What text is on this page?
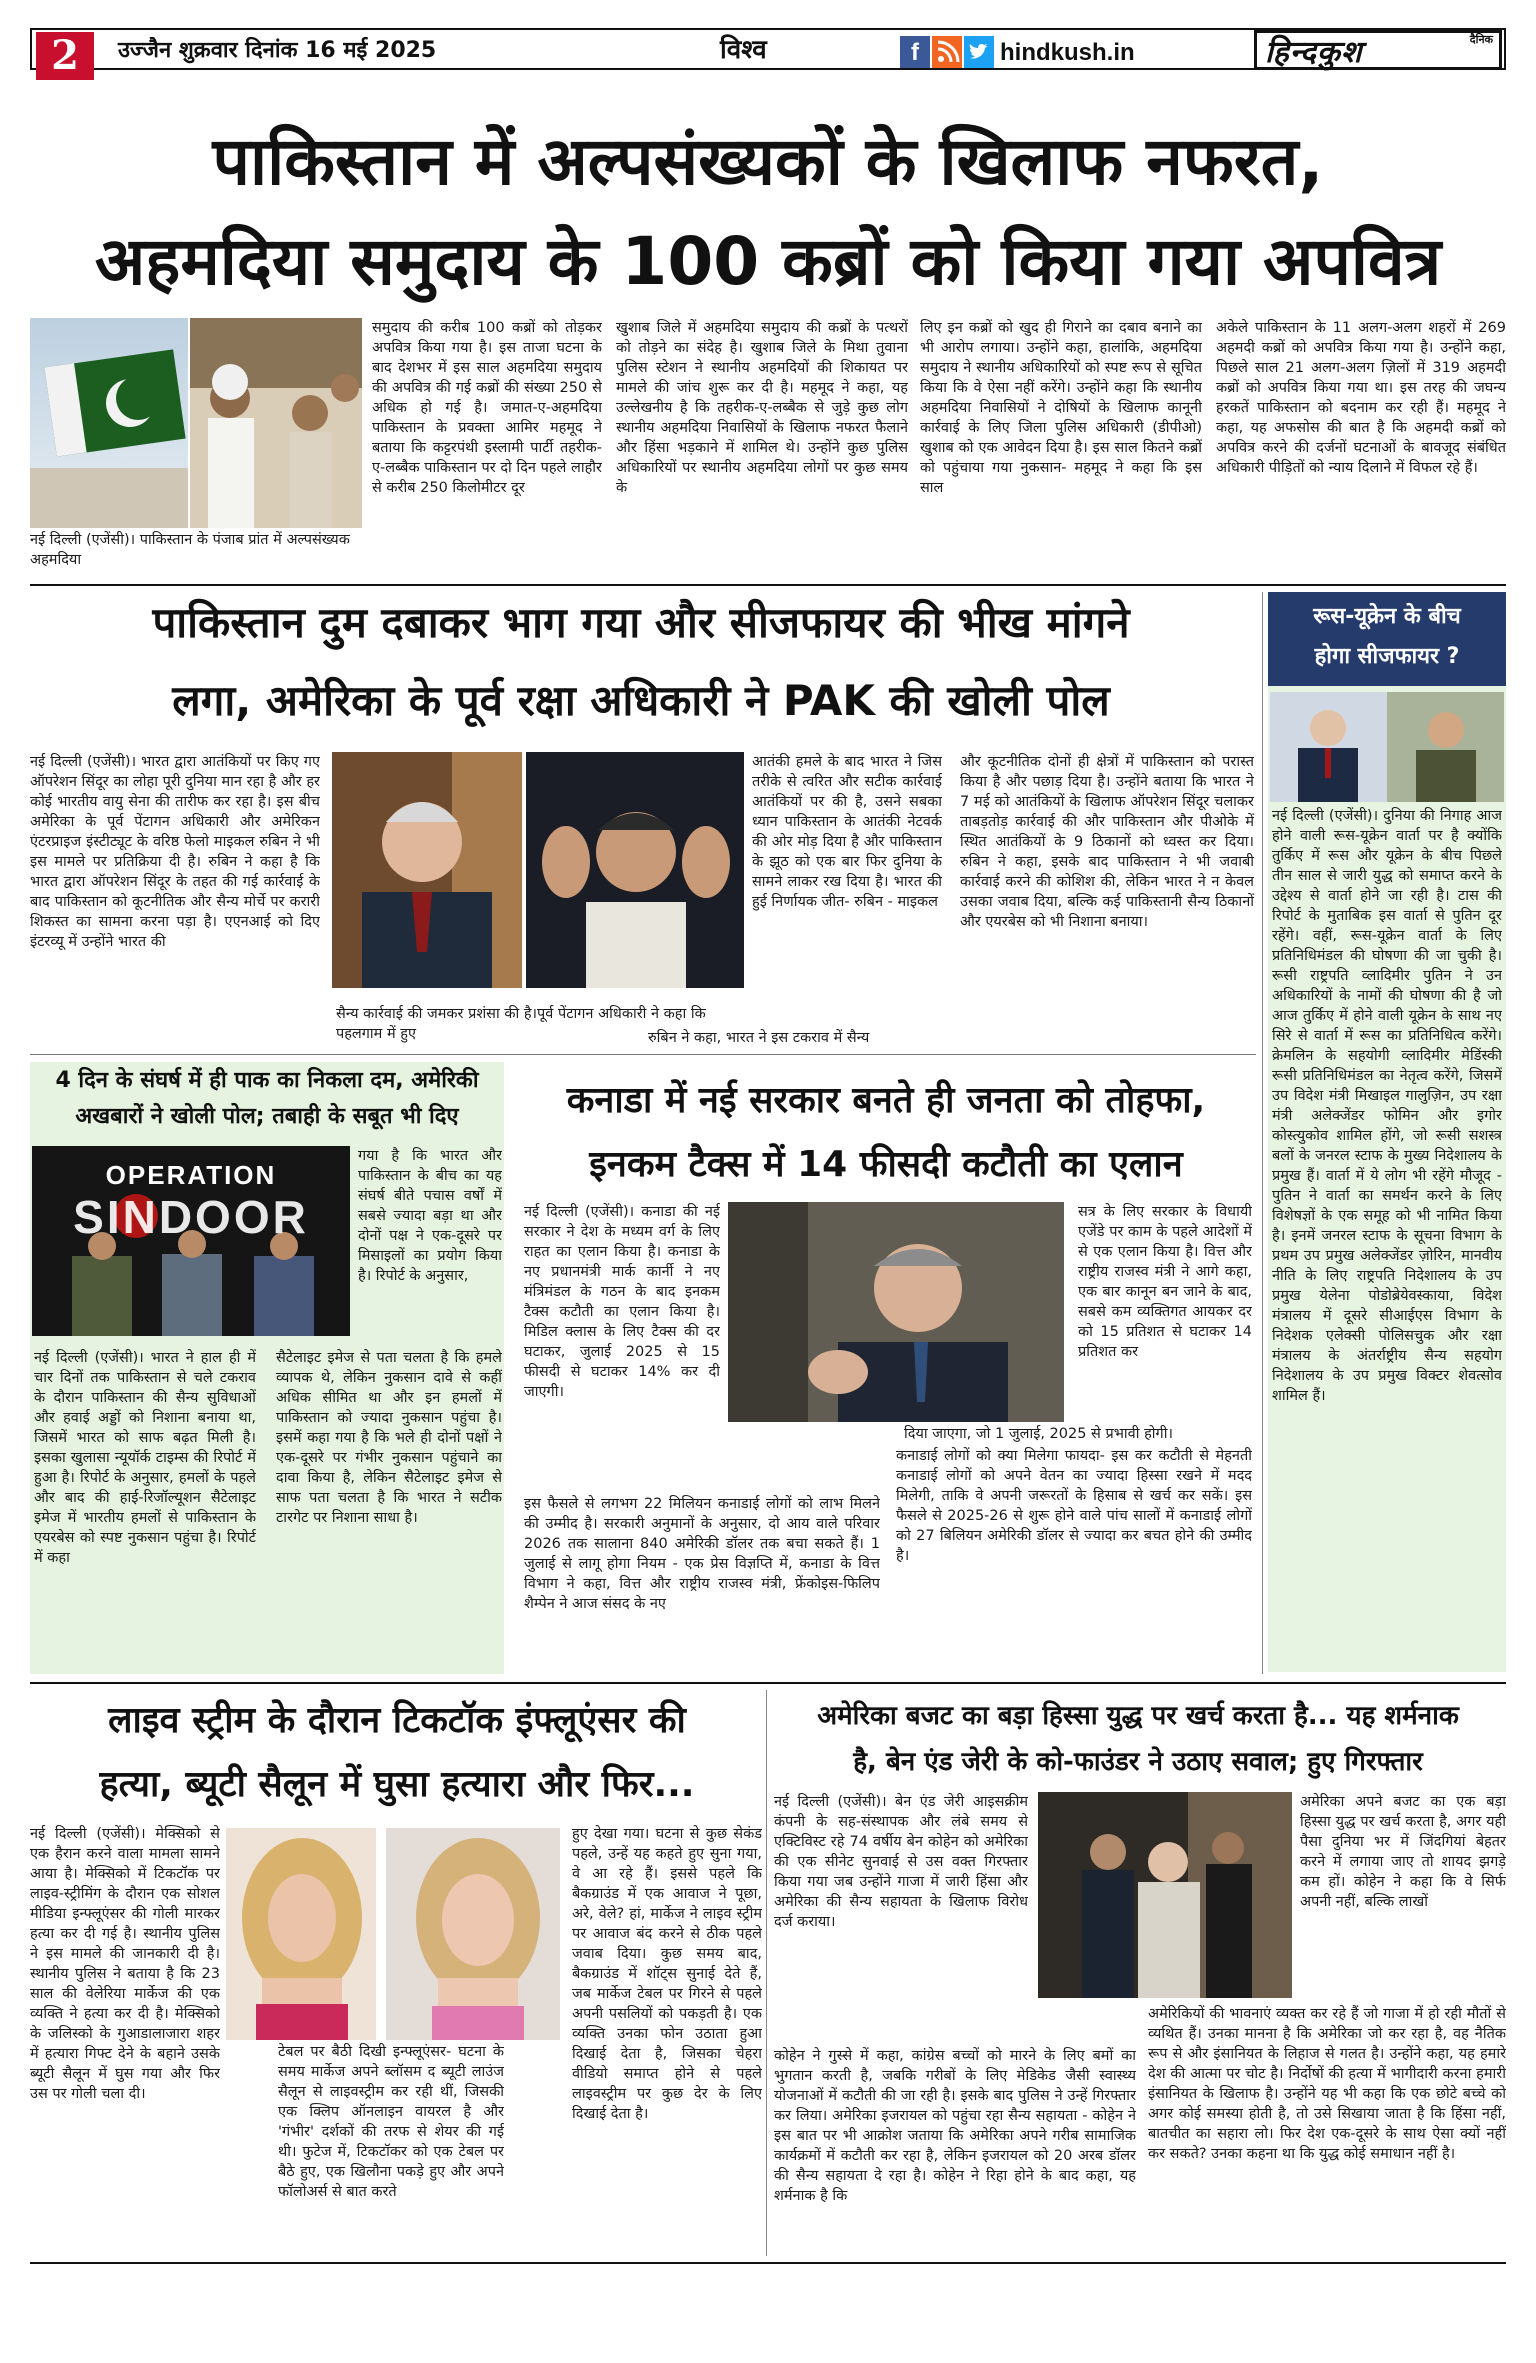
2	उज्जैन शुक्रवार दिनांक 16 मई 2025	विश्व	f	hindkush.in	दैनिक
हिन्दकुश
पाकिस्तान में अल्पसंख्यकों के खिलाफ नफरत,
अहमदिया समुदाय के 100 कब्रों को किया गया अपवित्र
नई दिल्ली (एजेंसी)। पाकिस्तान के पंजाब प्रांत में अल्पसंख्यक अहमदिया
समुदाय की करीब 100 कब्रों को तोड़कर अपवित्र किया गया है। इस ताजा घटना के बाद देशभर में इस साल अहमदिया समुदाय की अपवित्र की गई कब्रों की संख्या 250 से अधिक हो गई है। जमात-ए-अहमदिया पाकिस्तान के प्रवक्ता आमिर महमूद ने बताया कि कट्टरपंथी इस्लामी पार्टी तहरीक-ए-लब्बैक पाकिस्तान पर दो दिन पहले लाहौर से करीब 250 किलोमीटर दूर
खुशाब जिले में अहमदिया समुदाय की कब्रों के पत्थरों को तोड़ने का संदेह है। खुशाब जिले के मिथा तुवाना पुलिस स्टेशन ने स्थानीय अहमदियों की शिकायत पर मामले की जांच शुरू कर दी है। महमूद ने कहा, यह उल्लेखनीय है कि तहरीक-ए-लब्बैक से जुड़े कुछ लोग स्थानीय अहमदिया निवासियों के खिलाफ नफरत फैलाने और हिंसा भड़काने में शामिल थे। उन्होंने कुछ पुलिस अधिकारियों पर स्थानीय अहमदिया लोगों पर कुछ समय के
लिए इन कब्रों को खुद ही गिराने का दबाव बनाने का भी आरोप लगाया। उन्होंने कहा, हालांकि, अहमदिया समुदाय ने स्थानीय अधिकारियों को स्पष्ट रूप से सूचित किया कि वे ऐसा नहीं करेंगे। उन्होंने कहा कि स्थानीय अहमदिया निवासियों ने दोषियों के खिलाफ कानूनी कार्रवाई के लिए जिला पुलिस अधिकारी (डीपीओ) खुशाब को एक आवेदन दिया है। इस साल कितने कब्रों को पहुंचाया गया नुकसान- महमूद ने कहा कि इस साल
अकेले पाकिस्तान के 11 अलग-अलग शहरों में 269 अहमदी कब्रों को अपवित्र किया गया है। उन्होंने कहा, पिछले साल 21 अलग-अलग ज़िलों में 319 अहमदी कब्रों को अपवित्र किया गया था। इस तरह की जघन्य हरकतें पाकिस्तान को बदनाम कर रही हैं। महमूद ने कहा, यह अफसोस की बात है कि अहमदी कब्रों को अपवित्र करने की दर्जनों घटनाओं के बावजूद संबंधित अधिकारी पीड़ितों को न्याय दिलाने में विफल रहे हैं।
रूस-यूक्रेन के बीच
होगा सीजफायर ?
नई दिल्ली (एजेंसी)। दुनिया की निगाह आज होने वाली रूस-यूक्रेन वार्ता पर है क्योंकि तुर्किए में रूस और यूक्रेन के बीच पिछले तीन साल से जारी युद्ध को समाप्त करने के उद्देश्य से वार्ता होने जा रही है। टास की रिपोर्ट के मुताबिक इस वार्ता से पुतिन दूर रहेंगे। वहीं, रूस-यूक्रेन वार्ता के लिए प्रतिनिधिमंडल की घोषणा की जा चुकी है। रूसी राष्ट्रपति व्लादिमीर पुतिन ने उन अधिकारियों के नामों की घोषणा की है जो आज तुर्किए में होने वाली यूक्रेन के साथ नए सिरे से वार्ता में रूस का प्रतिनिधित्व करेंगे। क्रेमलिन के सहयोगी व्लादिमीर मेडिंस्की रूसी प्रतिनिधिमंडल का नेतृत्व करेंगे, जिसमें उप विदेश मंत्री मिखाइल गालुज़िन, उप रक्षा मंत्री अलेक्जेंडर फोमिन और इगोर कोस्त्युकोव शामिल होंगे, जो रूसी सशस्त्र बलों के जनरल स्टाफ के मुख्य निदेशालय के प्रमुख हैं। वार्ता में ये लोग भी रहेंगे मौजूद - पुतिन ने वार्ता का समर्थन करने के लिए विशेषज्ञों के एक समूह को भी नामित किया है। इनमें जनरल स्टाफ के सूचना विभाग के प्रथम उप प्रमुख अलेक्जेंडर ज़ोरिन, मानवीय नीति के लिए राष्ट्रपति निदेशालय के उप प्रमुख येलेना पोडोब्रेयेवस्काया, विदेश मंत्रालय में दूसरे सीआईएस विभाग के निदेशक एलेक्सी पोलिसचुक और रक्षा मंत्रालय के अंतर्राष्ट्रीय सैन्य सहयोग निदेशालय के उप प्रमुख विक्टर शेवत्सोव शामिल हैं।
पाकिस्तान दुम दबाकर भाग गया और सीजफायर की भीख मांगने
लगा, अमेरिका के पूर्व रक्षा अधिकारी ने PAK की खोली पोल
नई दिल्ली (एजेंसी)। भारत द्वारा आतंकियों पर किए गए ऑपरेशन सिंदूर का लोहा पूरी दुनिया मान रहा है और हर कोई भारतीय वायु सेना की तारीफ कर रहा है। इस बीच अमेरिका के पूर्व पेंटागन अधिकारी और अमेरिकन एंटरप्राइज इंस्टीट्यूट के वरिष्ठ फेलो माइकल रुबिन ने भी इस मामले पर प्रतिक्रिया दी है। रुबिन ने कहा है कि भारत द्वारा ऑपरेशन सिंदूर के तहत की गई कार्रवाई के बाद पाकिस्तान को कूटनीतिक और सैन्य मोर्चे पर करारी शिकस्त का सामना करना पड़ा है। एएनआई को दिए इंटरव्यू में उन्होंने भारत की
सैन्य कार्रवाई की जमकर प्रशंसा की है।पूर्व पेंटागन अधिकारी ने कहा कि पहलगाम में हुए
आतंकी हमले के बाद भारत ने जिस तरीके से त्वरित और सटीक कार्रवाई आतंकियों पर की है, उसने सबका ध्यान पाकिस्तान के आतंकी नेटवर्क की ओर मोड़ दिया है और पाकिस्तान के झूठ को एक बार फिर दुनिया के सामने लाकर रख दिया है। भारत की हुई निर्णायक जीत- रुबिन - माइकल
रुबिन ने कहा, भारत ने इस टकराव में सैन्य
और कूटनीतिक दोनों ही क्षेत्रों में पाकिस्तान को परास्त किया है और पछाड़ दिया है। उन्होंने बताया कि भारत ने 7 मई को आतंकियों के खिलाफ ऑपरेशन सिंदूर चलाकर ताबड़तोड़ कार्रवाई की और पाकिस्तान और पीओके में स्थित आतंकियों के 9 ठिकानों को ध्वस्त कर दिया। रुबिन ने कहा, इसके बाद पाकिस्तान ने भी जवाबी कार्रवाई करने की कोशिश की, लेकिन भारत ने न केवल उसका जवाब दिया, बल्कि कई पाकिस्तानी सैन्य ठिकानों और एयरबेस को भी निशाना बनाया।
4 दिन के संघर्ष में ही पाक का निकला दम, अमेरिकी
अखबारों ने खोली पोल; तबाही के सबूत भी दिए
OPERATION
SINDOOR
गया है कि भारत और पाकिस्तान के बीच का यह संघर्ष बीते पचास वर्षों में सबसे ज्यादा बड़ा था और दोनों पक्ष ने एक-दूसरे पर मिसाइलों का प्रयोग किया है। रिपोर्ट के अनुसार,
नई दिल्ली (एजेंसी)। भारत ने हाल ही में चार दिनों तक पाकिस्तान से चले टकराव के दौरान पाकिस्तान की सैन्य सुविधाओं और हवाई अड्डों को निशाना बनाया था, जिसमें भारत को साफ बढ़त मिली है। इसका खुलासा न्यूयॉर्क टाइम्स की रिपोर्ट में हुआ है। रिपोर्ट के अनुसार, हमलों के पहले और बाद की हाई-रिजॉल्यूशन सैटेलाइट इमेज में भारतीय हमलों से पाकिस्तान के एयरबेस को स्पष्ट नुकसान पहुंचा है। रिपोर्ट में कहा
सैटेलाइट इमेज से पता चलता है कि हमले व्यापक थे, लेकिन नुकसान दावे से कहीं अधिक सीमित था और इन हमलों में पाकिस्तान को ज्यादा नुकसान पहुंचा है। इसमें कहा गया है कि भले ही दोनों पक्षों ने एक-दूसरे पर गंभीर नुकसान पहुंचाने का दावा किया है, लेकिन सैटेलाइट इमेज से साफ पता चलता है कि भारत ने सटीक टारगेट पर निशाना साधा है।
कनाडा में नई सरकार बनते ही जनता को तोहफा,
इनकम टैक्स में 14 फीसदी कटौती का एलान
नई दिल्ली (एजेंसी)। कनाडा की नई सरकार ने देश के मध्यम वर्ग के लिए राहत का एलान किया है। कनाडा के नए प्रधानमंत्री मार्क कार्नी ने नए मंत्रिमंडल के गठन के बाद इनकम टैक्स कटौती का एलान किया है। मिडिल क्लास के लिए टैक्स की दर घटाकर, जुलाई 2025 से 15 फीसदी से घटाकर 14% कर दी जाएगी।
सत्र के लिए सरकार के विधायी एजेंडे पर काम के पहले आदेशों में से एक एलान किया है। वित्त और राष्ट्रीय राजस्व मंत्री ने आगे कहा, एक बार कानून बन जाने के बाद, सबसे कम व्यक्तिगत आयकर दर को 15 प्रतिशत से घटाकर 14 प्रतिशत कर
दिया जाएगा, जो 1 जुलाई, 2025 से प्रभावी होगी।
इस फैसले से लगभग 22 मिलियन कनाडाई लोगों को लाभ मिलने की उम्मीद है। सरकारी अनुमानों के अनुसार, दो आय वाले परिवार 2026 तक सालाना 840 अमेरिकी डॉलर तक बचा सकते हैं। 1 जुलाई से लागू होगा नियम - एक प्रेस विज्ञप्ति में, कनाडा के वित्त विभाग ने कहा, वित्त और राष्ट्रीय राजस्व मंत्री, फ्रेंकोइस-फिलिप शैम्पेन ने आज संसद के नए
कनाडाई लोगों को क्या मिलेगा फायदा- इस कर कटौती से मेहनती कनाडाई लोगों को अपने वेतन का ज्यादा हिस्सा रखने में मदद मिलेगी, ताकि वे अपनी जरूरतों के हिसाब से खर्च कर सकें। इस फैसले से 2025-26 से शुरू होने वाले पांच सालों में कनाडाई लोगों को 27 बिलियन अमेरिकी डॉलर से ज्यादा कर बचत होने की उम्मीद है।
लाइव स्ट्रीम के दौरान टिकटॉक इंफ्लूएंसर की
हत्या, ब्यूटी सैलून में घुसा हत्यारा और फिर...
नई दिल्ली (एजेंसी)। मेक्सिको से एक हैरान करने वाला मामला सामने आया है। मेक्सिको में टिकटॉक पर लाइव-स्ट्रीमिंग के दौरान एक सोशल मीडिया इन्फ्लूएंसर की गोली मारकर हत्या कर दी गई है। स्थानीय पुलिस ने इस मामले की जानकारी दी है। स्थानीय पुलिस ने बताया है कि 23 साल की वेलेरिया मार्केज की एक व्यक्ति ने हत्या कर दी है। मेक्सिको के जलिस्को के गुआडालाजारा शहर में हत्यारा गिफ्ट देने के बहाने उसके ब्यूटी सैलून में घुस गया और फिर उस पर गोली चला दी।
टेबल पर बैठी दिखी इन्फ्लूएंसर- घटना के समय मार्केज अपने ब्लॉसम द ब्यूटी लाउंज सैलून से लाइवस्ट्रीम कर रही थीं, जिसकी एक क्लिप ऑनलाइन वायरल है और 'गंभीर' दर्शकों की तरफ से शेयर की गई थी। फुटेज में, टिकटॉकर को एक टेबल पर बैठे हुए, एक खिलौना पकड़े हुए और अपने फॉलोअर्स से बात करते
हुए देखा गया। घटना से कुछ सेकंड पहले, उन्हें यह कहते हुए सुना गया, वे आ रहे हैं। इससे पहले कि बैकग्राउंड में एक आवाज ने पूछा, अरे, वेले? हां, मार्केज ने लाइव स्ट्रीम पर आवाज बंद करने से ठीक पहले जवाब दिया। कुछ समय बाद, बैकग्राउंड में शॉट्स सुनाई देते हैं, जब मार्केज टेबल पर गिरने से पहले अपनी पसलियों को पकड़ती है। एक व्यक्ति उनका फोन उठाता हुआ दिखाई देता है, जिसका चेहरा वीडियो समाप्त होने से पहले लाइवस्ट्रीम पर कुछ देर के लिए दिखाई देता है।
अमेरिका बजट का बड़ा हिस्सा युद्ध पर खर्च करता है... यह शर्मनाक
है, बेन एंड जेरी के को-फाउंडर ने उठाए सवाल; हुए गिरफ्तार
नई दिल्ली (एजेंसी)। बेन एंड जेरी आइसक्रीम कंपनी के सह-संस्थापक और लंबे समय से एक्टिविस्ट रहे 74 वर्षीय बेन कोहेन को अमेरिका की एक सीनेट सुनवाई से उस वक्त गिरफ्तार किया गया जब उन्होंने गाजा में जारी हिंसा और अमेरिका की सैन्य सहायता के खिलाफ विरोध दर्ज कराया।
अमेरिका अपने बजट का एक बड़ा हिस्सा युद्ध पर खर्च करता है, अगर यही पैसा दुनिया भर में जिंदगियां बेहतर करने में लगाया जाए तो शायद झगड़े कम हों। कोहेन ने कहा कि वे सिर्फ अपनी नहीं, बल्कि लाखों
कोहेन ने गुस्से में कहा, कांग्रेस बच्चों को मारने के लिए बमों का भुगतान करती है, जबकि गरीबों के लिए मेडिकेड जैसी स्वास्थ्य योजनाओं में कटौती की जा रही है। इसके बाद पुलिस ने उन्हें गिरफ्तार कर लिया। अमेरिका इजरायल को पहुंचा रहा सैन्य सहायता - कोहेन ने इस बात पर भी आक्रोश जताया कि अमेरिका अपने गरीब सामाजिक कार्यक्रमों में कटौती कर रहा है, लेकिन इजरायल को 20 अरब डॉलर की सैन्य सहायता दे रहा है। कोहेन ने रिहा होने के बाद कहा, यह शर्मनाक है कि
अमेरिकियों की भावनाएं व्यक्त कर रहे हैं जो गाजा में हो रही मौतों से व्यथित हैं। उनका मानना है कि अमेरिका जो कर रहा है, वह नैतिक रूप से और इंसानियत के लिहाज से गलत है। उन्होंने कहा, यह हमारे देश की आत्मा पर चोट है। निर्दोषों की हत्या में भागीदारी करना हमारी इंसानियत के खिलाफ है। उन्होंने यह भी कहा कि एक छोटे बच्चे को अगर कोई समस्या होती है, तो उसे सिखाया जाता है कि हिंसा नहीं, बातचीत का सहारा लो। फिर देश एक-दूसरे के साथ ऐसा क्यों नहीं कर सकते? उनका कहना था कि युद्ध कोई समाधान नहीं है।
